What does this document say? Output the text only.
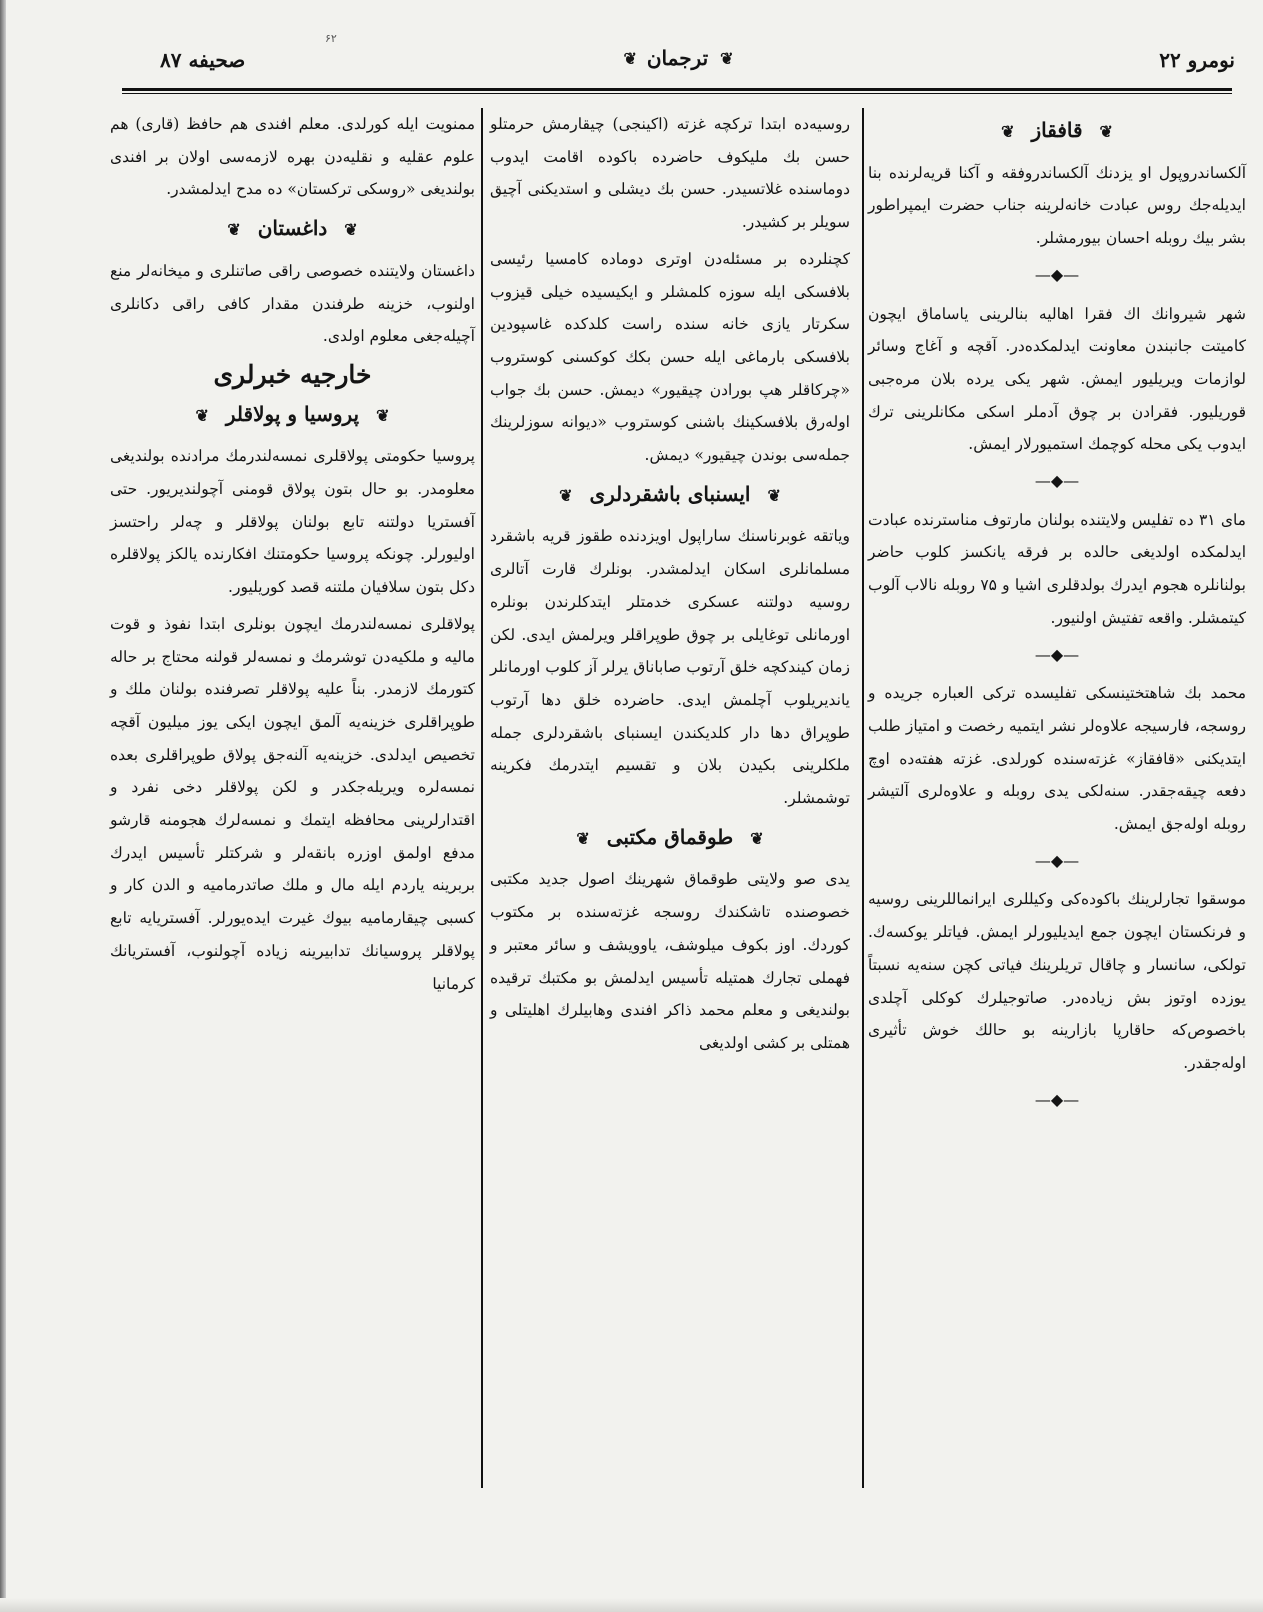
نومرو ۲۲
❦
ترجمان
❦
۶۲
صحیفه ۸۷
❦ قافقاز ❦

آلکساندروپول او یزدنك آلکساندروفقه و آکنا قریه‌لرنده بنا ایدیله‌جك روس عبادت خانه‌لرینه جناب حضرت ایمپراطور بشر بیك روبله احسان بیورمشلر.

—◆—

شهر شیروانك اك فقرا اهالیه بنالرینی یاساماق ایچون کامیتت جانبندن معاونت ایدلمکده‌در. آقچه و آغاج وسائر لوازمات ویریلیور ایمش. شهر یکی یرده بلان مره‌جبی قوریلیور. فقرادن بر چوق آدملر اسکی مکانلرینی ترك ایدوب یکی محله کو‌چمك استمیورلار ایمش.

—◆—

مای ۳۱ ده تفلیس ولایتنده بولنان مارتوف مناسترنده عبادت ایدلمکده اولدیغی حالده بر فرقه یانکسز کلوب حاضر بولنانلره هجوم ایدرك بولدقلری اشیا و ۷۵ روبله نالاب آلوب کیتمشلر. واقعه تفتیش اولنیور.

—◆—

محمد بك شاهتختینسکی تفلیسده ترکی العباره جریده و روسجه، فارسیجه علاوه‌لر نشر ایتمیه رخصت و امتیاز طلب ایتدیکنی «قافقاز» غزته‌سنده کورلدی. غزته هفته‌ده اوچ دفعه چیقه‌جقدر. سنه‌لکی یدی روبله و علاوه‌لری آلتیشر روبله اوله‌جق ایمش.

—◆—

موسقوا تجارلرینك باکوده‌کی وکیللری ایرانماللرینی روسیه و فرنکستان ایچون جمع ایدیلیورلر ایمش. فیاتلر یوکسه‌ك. تولکی، سانسار و چاقال تریلرینك فیاتی کچن سنه‌یه نسبتاً یوزده اوتوز بش زیاده‌در. صاتوجیلرك کوکلی آچلدی باخصوص‌که حاقارپا بازارینه بو حالك خوش تأثیری اوله‌جقدر.

—◆—

روسیه‌ده ابتدا ترکچه غزته (اکینجی) چیقارمش حرمتلو حسن بك ملیکوف حاضرده باکوده اقامت ایدوب دوماسنده غلاتسیدر. حسن بك دیشلی و استدیکنی آچیق سویلر بر کشیدر.

کچنلرده بر مسئله‌دن اوتری دوماده کامسیا رئیسی بلافسکی ایله سوزه کلمشلر و ایکیسیده خیلی قیزوب سکرتار یازی خانه سنده راست کلدکده غاسپودین بلافسکی بارماغی ایله حسن بکك کوکسنی کوستروب «چرکاقلر هپ بورادن چیقیور» دیمش. حسن بك جواب اوله‌رق بلافسکینك باشنی کوستروب «دیوانه سوزلرینك جمله‌سی بوندن چیقیور» دیمش.

❦ ایسنبای باشقردلری ❦

ویاتقه غوبرناسنك ساراپول اویزدنده طقوز قریه باشقرد مسلمانلری اسکان ایدلمشدر. بونلرك قارت آتالری روسیه دولتنه عسکری خدمتلر ایتدکلرندن بونلره اورمانلی توغایلی بر چوق طوپراقلر ویرلمش ایدی. لکن زمان کیندکچه خلق آرتوب صاباناق یرلر آز کلوب اورمانلر یاندیریلوب آچلمش ایدی. حاضرده خلق دها آرتوب طوپراق دها دار کلدیکندن ایسنبای باشقردلری جمله ملکلرینی بکیدن بلان و تقسیم ایتدرمك فکرینه توشمشلر.

❦ طوقماق مکتبی ❦

یدی صو ولایتی طوقماق شهرینك اصول جدید مکتبی خصوصنده تاشکندك روسجه غزته‌سنده بر مکتوب کوردك. اوز بکوف میلوشف، یاوویشف و سائر معتبر و فهملی تجارك همتیله تأسیس ایدلمش بو مکتبك ترقیده بولندیغی و معلم محمد ذاکر افندی وهابیلرك اهلیتلی و همتلی بر کشی اولدیغی

ممنویت ایله کورلدی. معلم افندی هم حافظ (قاری) هم علوم عقلیه و نقلیه‌دن بهره لازمه‌سی اولان بر افندی بولندیغی «روسکی ترکستان» ده مدح ایدلمشدر.

❦ داغستان ❦

داغستان ولایتنده خصوصی راقی صاتنلری و میخانه‌لر منع اولنوب، خزینه طرفندن مقدار کافی راقی دکانلری آچیله‌جغی معلوم اولدی.

خارجیه خبرلری
❦ پروسیا و پولاقلر ❦

پروسیا حکومتی پولاقلری نمسه‌لندرمك مرادنده بولندیغی معلومدر. بو حال بتون پولاق قومنی آچولندیریور. حتی آفستریا دولتنه تابع بولنان پولاقلر و چه‌لر راحتسز اولیورلر. چونکه پروسیا حکومتنك افکارنده یالکز پولاقلره دکل بتون سلافیان ملتنه قصد کوریلیور.

پولاقلری نمسه‌لندرمك ایچون بونلری ابتدا نفوذ و قوت مالیه و ملکیه‌دن توشرمك و نمسه‌لر قولنه محتاج بر حاله کتورمك لازمدر. بناً علیه پولاقلر تصرفنده بولنان ملك و طوپراقلری خزینه‌یه آلمق ایچون ایکی یوز میلیون آقچه تخصیص ایدلدی. خزینه‌یه آلنه‌جق پولاق طوپراقلری بعده نمسه‌لره ویریله‌جکدر و لکن پولاقلر دخی نفرد و اقتدارلرینی محافظه ایتمك و نمسه‌لرك هجومنه قارشو مدفع اولمق اوزره بانقه‌لر و شرکتلر تأسیس ایدرك بربرینه یاردم ایله مال و ملك صاتدرمامیه و الدن کار و کسبی چیقارمامیه بیوك غیرت ایده‌یورلر. آفستریایه تابع پولاقلر پروسیانك تدابیرینه زیاده آچولنوب، آفستریانك کرمانیا
